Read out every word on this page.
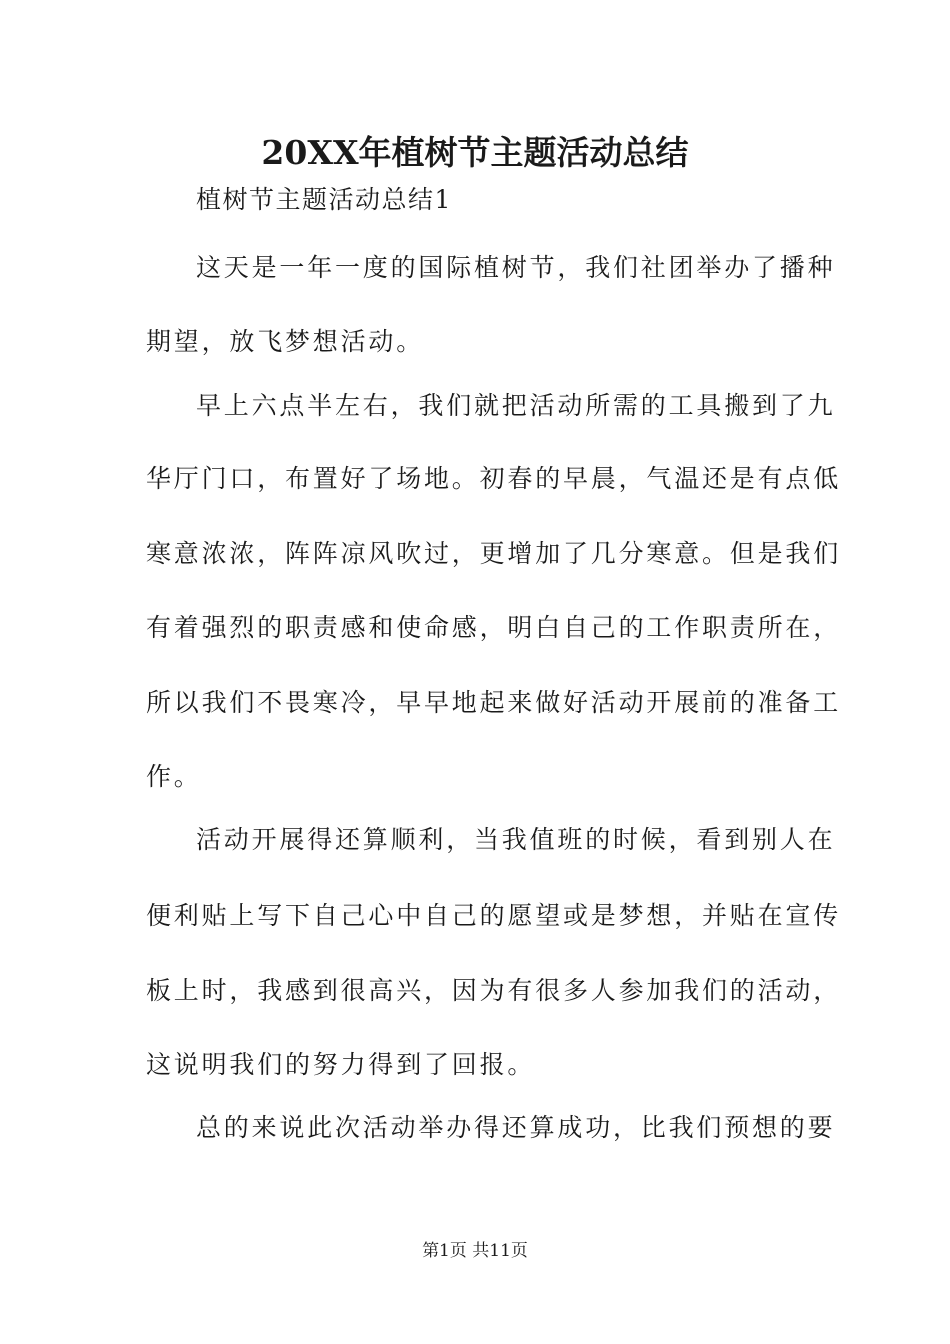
20XX年植树节主题活动总结
植树节主题活动总结1
这天是一年一度的国际植树节，我们社团举办了播种
期望，放飞梦想活动。
早上六点半左右，我们就把活动所需的工具搬到了九
华厅门口，布置好了场地。初春的早晨，气温还是有点低
寒意浓浓，阵阵凉风吹过，更增加了几分寒意。但是我们
有着强烈的职责感和使命感，明白自己的工作职责所在，
所以我们不畏寒冷，早早地起来做好活动开展前的准备工
作。
活动开展得还算顺利，当我值班的时候，看到别人在
便利贴上写下自己心中自己的愿望或是梦想，并贴在宣传
板上时，我感到很高兴，因为有很多人参加我们的活动，
这说明我们的努力得到了回报。
总的来说此次活动举办得还算成功，比我们预想的要
第1页 共11页
